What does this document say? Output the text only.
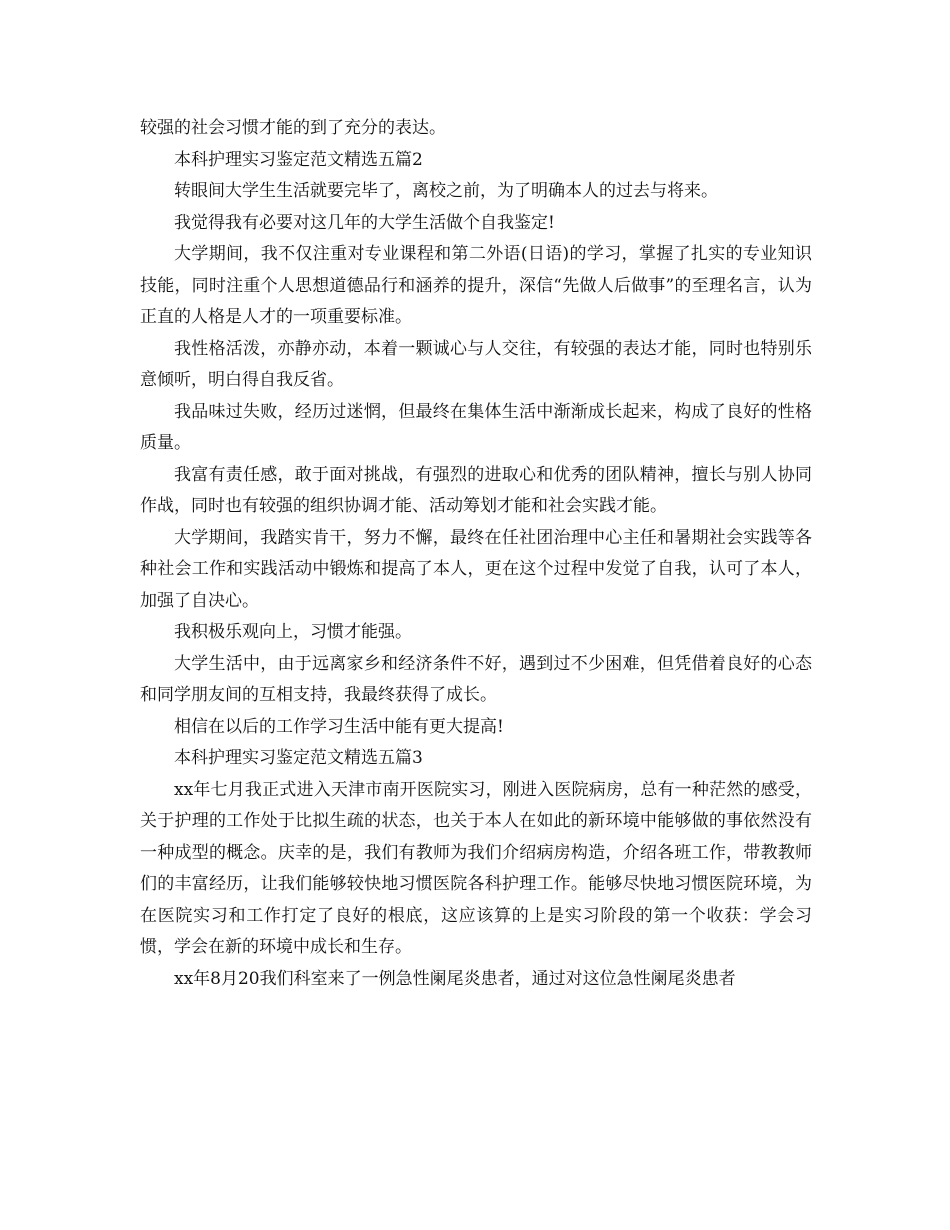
较强的社会习惯才能的到了充分的表达。

本科护理实习鉴定范文精选五篇2

转眼间大学生生活就要完毕了，离校之前，为了明确本人的过去与将来。

我觉得我有必要对这几年的大学生活做个自我鉴定!

大学期间，我不仅注重对专业课程和第二外语(日语)的学习，掌握了扎实的专业知识技能，同时注重个人思想道德品行和涵养的提升，深信“先做人后做事”的至理名言，认为正直的人格是人才的一项重要标准。

我性格活泼，亦静亦动，本着一颗诚心与人交往，有较强的表达才能，同时也特别乐意倾听，明白得自我反省。

我品味过失败，经历过迷惘，但最终在集体生活中渐渐成长起来，构成了良好的性格质量。

我富有责任感，敢于面对挑战，有强烈的进取心和优秀的团队精神，擅长与别人协同作战，同时也有较强的组织协调才能、活动筹划才能和社会实践才能。

大学期间，我踏实肯干，努力不懈，最终在任社团治理中心主任和暑期社会实践等各种社会工作和实践活动中锻炼和提高了本人，更在这个过程中发觉了自我，认可了本人，加强了自决心。

我积极乐观向上，习惯才能强。

大学生活中，由于远离家乡和经济条件不好，遇到过不少困难，但凭借着良好的心态和同学朋友间的互相支持，我最终获得了成长。

相信在以后的工作学习生活中能有更大提高!

本科护理实习鉴定范文精选五篇3

xx年七月我正式进入天津市南开医院实习，刚进入医院病房，总有一种茫然的感受，关于护理的工作处于比拟生疏的状态，也关于本人在如此的新环境中能够做的事依然没有一种成型的概念。庆幸的是，我们有教师为我们介绍病房构造，介绍各班工作，带教教师们的丰富经历，让我们能够较快地习惯医院各科护理工作。能够尽快地习惯医院环境，为在医院实习和工作打定了良好的根底，这应该算的上是实习阶段的第一个收获：学会习惯，学会在新的环境中成长和生存。

xx年8月20我们科室来了一例急性阑尾炎患者，通过对这位急性阑尾炎患者
